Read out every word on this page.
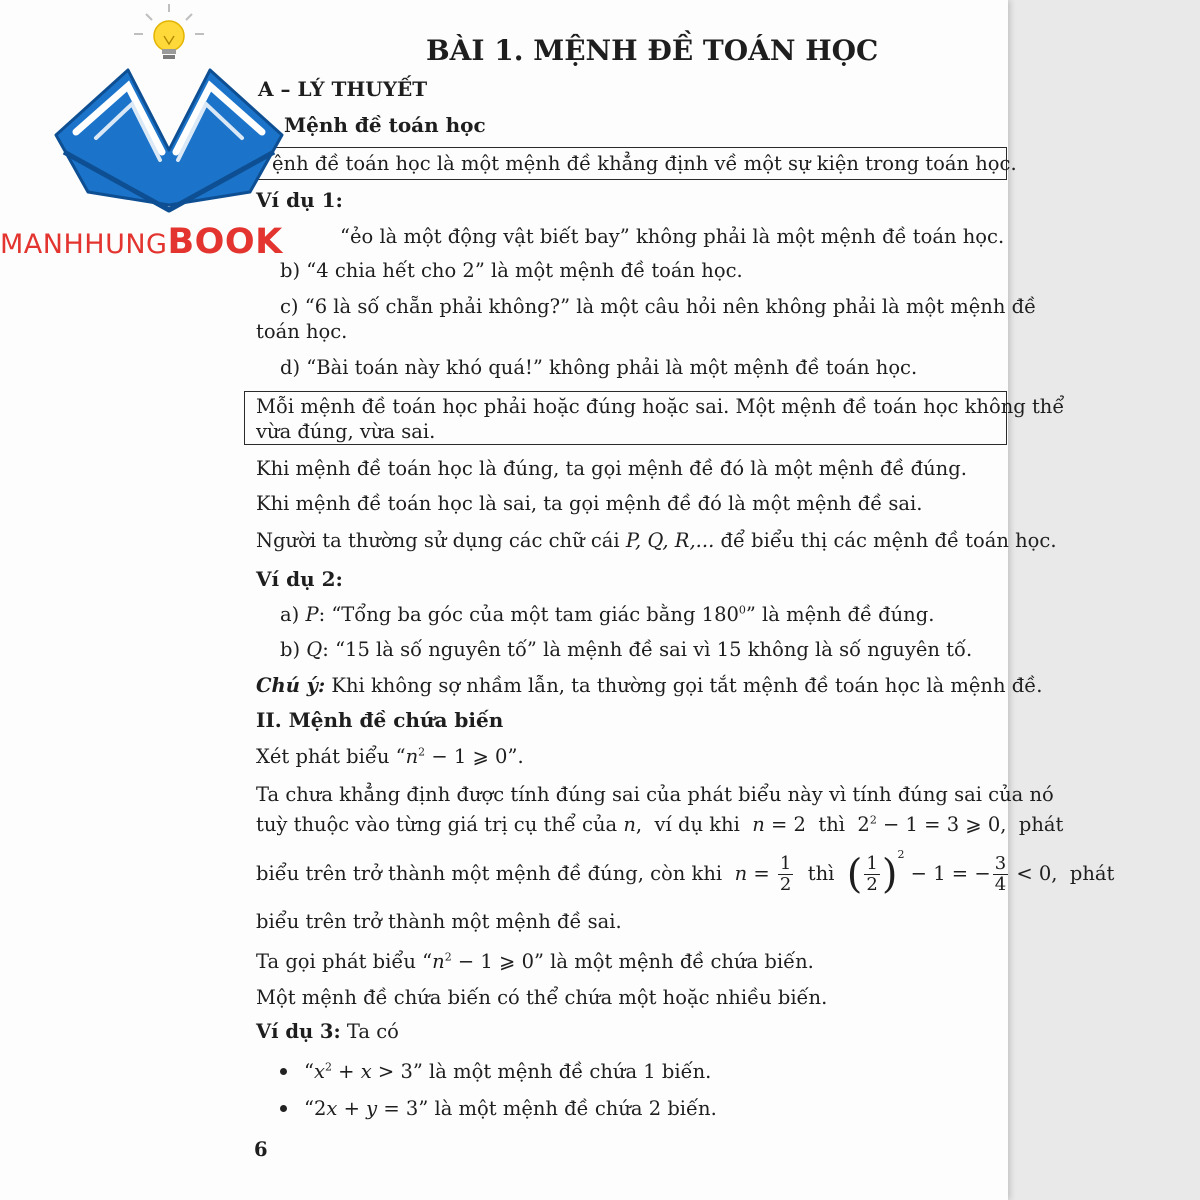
BÀI 1. MỆNH ĐỀ TOÁN HỌC
A – LÝ THUYẾT
Mệnh đề toán học
ệnh đề toán học là một mệnh đề khẳng định về một sự kiện trong toán học.
Ví dụ 1:
“ẻo là một động vật biết bay” không phải là một mệnh đề toán học.
b) “4 chia hết cho 2” là một mệnh đề toán học.
c) “6 là số chẵn phải không?” là một câu hỏi nên không phải là một mệnh đề
toán học.
d) “Bài toán này khó quá!” không phải là một mệnh đề toán học.
Mỗi mệnh đề toán học phải hoặc đúng hoặc sai. Một mệnh đề toán học không thể
vừa đúng, vừa sai.
Khi mệnh đề toán học là đúng, ta gọi mệnh đề đó là một mệnh đề đúng.
Khi mệnh đề toán học là sai, ta gọi mệnh đề đó là một mệnh đề sai.
Người ta thường sử dụng các chữ cái P, Q, R,... để biểu thị các mệnh đề toán học.
Ví dụ 2:
a) P: “Tổng ba góc của một tam giác bằng $180^0$” là mệnh đề đúng.
b) Q: “15 là số nguyên tố” là mệnh đề sai vì 15 không là số nguyên tố.
Chú ý: Khi không sợ nhầm lẫn, ta thường gọi tắt mệnh đề toán học là mệnh đề.
II. Mệnh đề chứa biến
Xét phát biểu “$n^2 - 1$ ⩾ 0”.
Ta chưa khẳng định được tính đúng sai của phát biểu này vì tính đúng sai của nó
tuỳ thuộc vào từng giá trị cụ thể của n,  ví dụ khi n = 2  thì  $2^2 - 1 = 3$ ⩾ 0,  phát
biểu trên trở thành một mệnh đề đúng, còn khi $n = \frac{1}{2}$ thì ( $\frac{1}{2} )^2 - 1$ = − $\frac{3}{4} < 0$,  phát
biểu trên trở thành một mệnh đề sai.
Ta gọi phát biểu “$n^2 - 1$ ⩾ 0” là một mệnh đề chứa biến.
Một mệnh đề chứa biến có thể chứa một hoặc nhiều biến.
Ví dụ 3: Ta có
“$x^2 + x > 3$” là một mệnh đề chứa 1 biến.
“2x + y = 3” là một mệnh đề chứa 2 biến.
6
MANHHUNGBOOK
